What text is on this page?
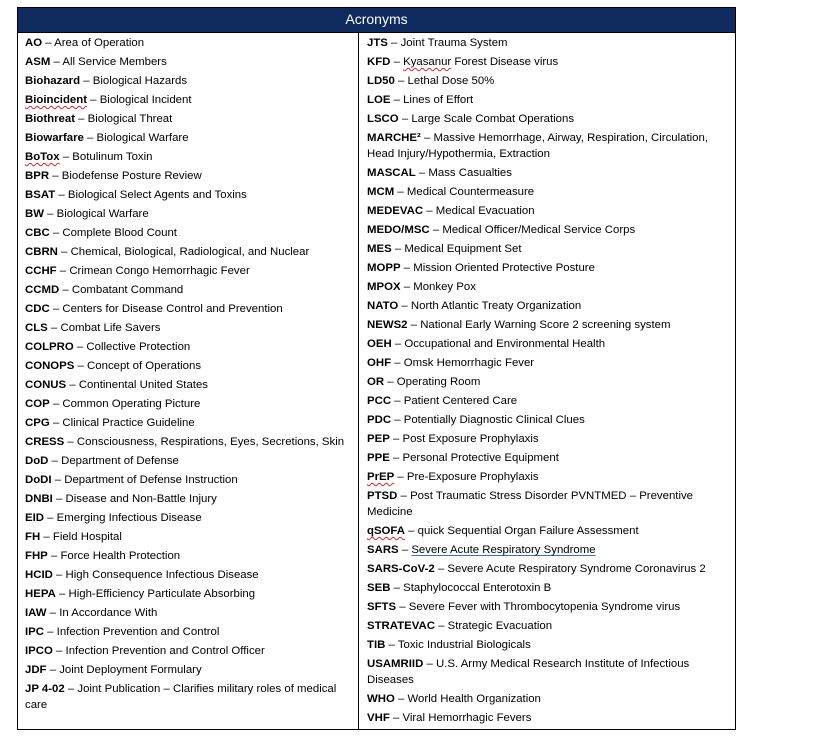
Acronyms
AO – Area of Operation
ASM – All Service Members
Biohazard – Biological Hazards
Bioincident – Biological Incident
Biothreat – Biological Threat
Biowarfare – Biological Warfare
BoTox – Botulinum Toxin
BPR – Biodefense Posture Review
BSAT – Biological Select Agents and Toxins
BW – Biological Warfare
CBC – Complete Blood Count
CBRN – Chemical, Biological, Radiological, and Nuclear
CCHF – Crimean Congo Hemorrhagic Fever
CCMD – Combatant Command
CDC – Centers for Disease Control and Prevention
CLS – Combat Life Savers
COLPRO – Collective Protection
CONOPS – Concept of Operations
CONUS – Continental United States
COP – Common Operating Picture
CPG – Clinical Practice Guideline
CRESS – Consciousness, Respirations, Eyes, Secretions, Skin
DoD – Department of Defense
DoDI – Department of Defense Instruction
DNBI – Disease and Non-Battle Injury
EID – Emerging Infectious Disease
FH – Field Hospital
FHP – Force Health Protection
HCID – High Consequence Infectious Disease
HEPA – High-Efficiency Particulate Absorbing
IAW – In Accordance With
IPC – Infection Prevention and Control
IPCO – Infection Prevention and Control Officer
JDF – Joint Deployment Formulary
JP 4-02 – Joint Publication – Clarifies military roles of medical care
JTS – Joint Trauma System
KFD – Kyasanur Forest Disease virus
LD50 – Lethal Dose 50%
LOE – Lines of Effort
LSCO – Large Scale Combat Operations
MARCHE² – Massive Hemorrhage, Airway, Respiration, Circulation, Head Injury/Hypothermia, Extraction
MASCAL – Mass Casualties
MCM – Medical Countermeasure
MEDEVAC – Medical Evacuation
MEDO/MSC – Medical Officer/Medical Service Corps
MES – Medical Equipment Set
MOPP – Mission Oriented Protective Posture
MPOX – Monkey Pox
NATO – North Atlantic Treaty Organization
NEWS2 – National Early Warning Score 2 screening system
OEH – Occupational and Environmental Health
OHF – Omsk Hemorrhagic Fever
OR – Operating Room
PCC – Patient Centered Care
PDC – Potentially Diagnostic Clinical Clues
PEP – Post Exposure Prophylaxis
PPE – Personal Protective Equipment
PrEP – Pre-Exposure Prophylaxis
PTSD – Post Traumatic Stress Disorder PVNTMED – Preventive Medicine
qSOFA – quick Sequential Organ Failure Assessment
SARS – Severe Acute Respiratory Syndrome
SARS-CoV-2 – Severe Acute Respiratory Syndrome Coronavirus 2
SEB – Staphylococcal Enterotoxin B
SFTS – Severe Fever with Thrombocytopenia Syndrome virus
STRATEVAC – Strategic Evacuation
TIB – Toxic Industrial Biologicals
USAMRIID – U.S. Army Medical Research Institute of Infectious Diseases
WHO – World Health Organization
VHF – Viral Hemorrhagic Fevers
